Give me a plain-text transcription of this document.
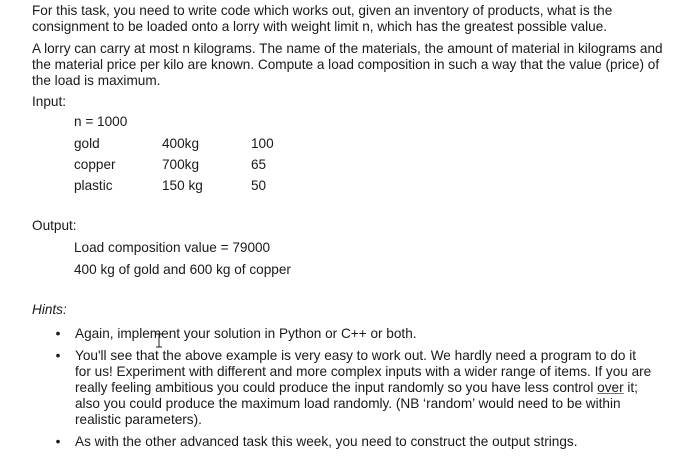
For this task, you need to write code which works out, given an inventory of products, what is the consignment to be loaded onto a lorry with weight limit n, which has the greatest possible value.

A lorry can carry at most n kilograms. The name of the materials, the amount of material in kilograms and the material price per kilo are known. Compute a load composition in such a way that the value (price) of the load is maximum.

Input:

n = 1000
gold	400kg	100
copper	700kg	65
plastic	150 kg	50

Output:

Load composition value = 79000
400 kg of gold and 600 kg of copper

Hints:

• Again, implement your solution in Python or C++ or both.

• You'll see that the above example is very easy to work out. We hardly need a program to do it for us! Experiment with different and more complex inputs with a wider range of items. If you are really feeling ambitious you could produce the input randomly so you have less control over it; also you could produce the maximum load randomly. (NB ‘random’ would need to be within realistic parameters).

• As with the other advanced task this week, you need to construct the output strings.
